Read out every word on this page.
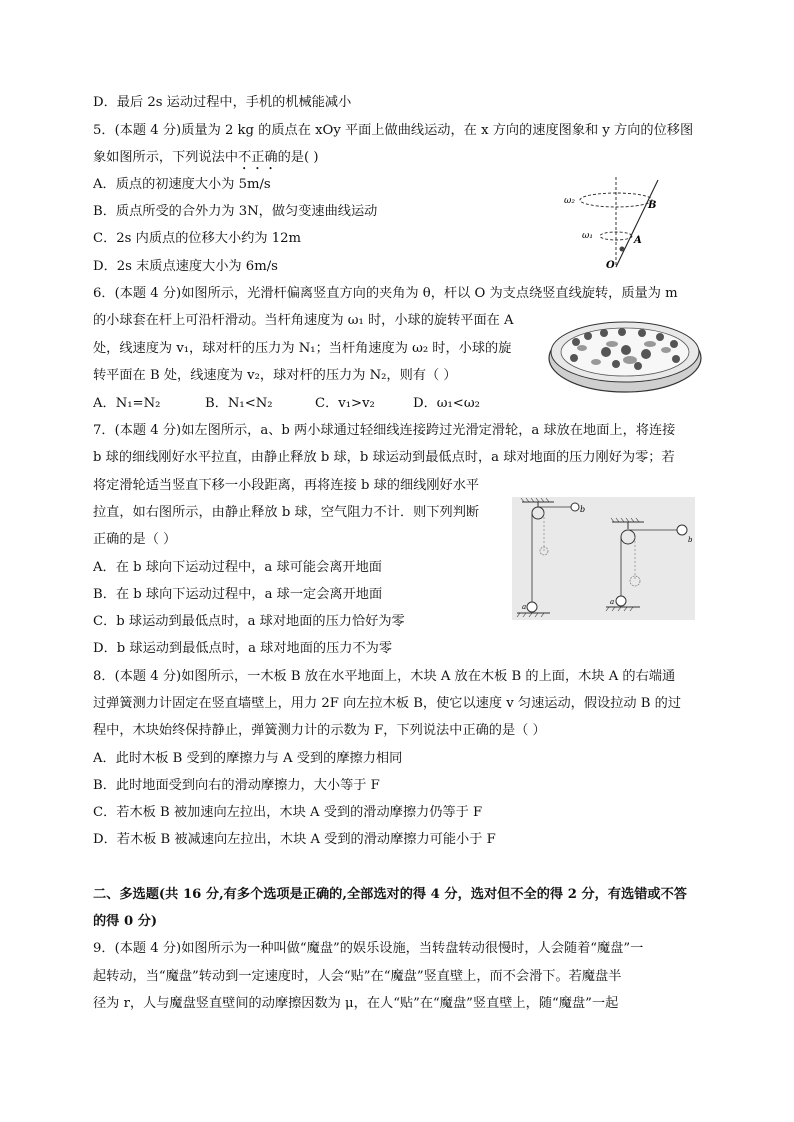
D．最后 2s 运动过程中，手机的机械能减小
5．(本题 4 分)质量为 2 kg 的质点在 xOy 平面上做曲线运动，在 x 方向的速度图象和 y 方向的位移图
象如图所示，下列说法中不正确的是( )
A．质点的初速度大小为 5m/s
B．质点所受的合外力为 3N，做匀变速曲线运动
C．2s 内质点的位移大小约为 12m
D．2s 末质点速度大小为 6m/s
6．(本题 4 分)如图所示，光滑杆偏离竖直方向的夹角为 θ，杆以 O 为支点绕竖直线旋转，质量为 m
的小球套在杆上可沿杆滑动。当杆角速度为 ω₁ 时，小球的旋转平面在 A
处，线速度为 v₁，球对杆的压力为 N₁；当杆角速度为 ω₂ 时，小球的旋
转平面在 B 处，线速度为 v₂，球对杆的压力为 N₂，则有（ ）
A．N₁=N₂	B．N₁<N₂	C．v₁>v₂	D．ω₁<ω₂
7．(本题 4 分)如左图所示，a、b 两小球通过轻细线连接跨过光滑定滑轮，a 球放在地面上，将连接
b 球的细线刚好水平拉直，由静止释放 b 球，b 球运动到最低点时，a 球对地面的压力刚好为零；若
将定滑轮适当竖直下移一小段距离，再将连接 b 球的细线刚好水平
拉直，如右图所示，由静止释放 b 球，空气阻力不计．则下列判断
正确的是（ ）
A．在 b 球向下运动过程中，a 球可能会离开地面
B．在 b 球向下运动过程中，a 球一定会离开地面
C．b 球运动到最低点时，a 球对地面的压力恰好为零
D．b 球运动到最低点时，a 球对地面的压力不为零
8．(本题 4 分)如图所示，一木板 B 放在水平地面上，木块 A 放在木板 B 的上面，木块 A 的右端通
过弹簧测力计固定在竖直墙壁上，用力 2F 向左拉木板 B，使它以速度 v 匀速运动，假设拉动 B 的过
程中，木块始终保持静止，弹簧测力计的示数为 F，下列说法中正确的是（ ）
A．此时木板 B 受到的摩擦力与 A 受到的摩擦力相同
B．此时地面受到向右的滑动摩擦力，大小等于 F
C．若木板 B 被加速向左拉出，木块 A 受到的滑动摩擦力仍等于 F
D．若木板 B 被减速向左拉出，木块 A 受到的滑动摩擦力可能小于 F
二、多选题(共 16 分,有多个选项是正确的,全部选对的得 4 分，选对但不全的得 2 分，有选错或不答
的得 0 分)
9．(本题 4 分)如图所示为一种叫做“魔盘”的娱乐设施，当转盘转动很慢时，人会随着“魔盘”一
起转动，当“魔盘”转动到一定速度时，人会“贴”在“魔盘”竖直壁上，而不会滑下。若魔盘半
径为 r，人与魔盘竖直壁间的动摩擦因数为 μ，在人“贴”在“魔盘”竖直壁上，随“魔盘”一起
ω₂
ω₁
B
A
O
b
a
a
b
